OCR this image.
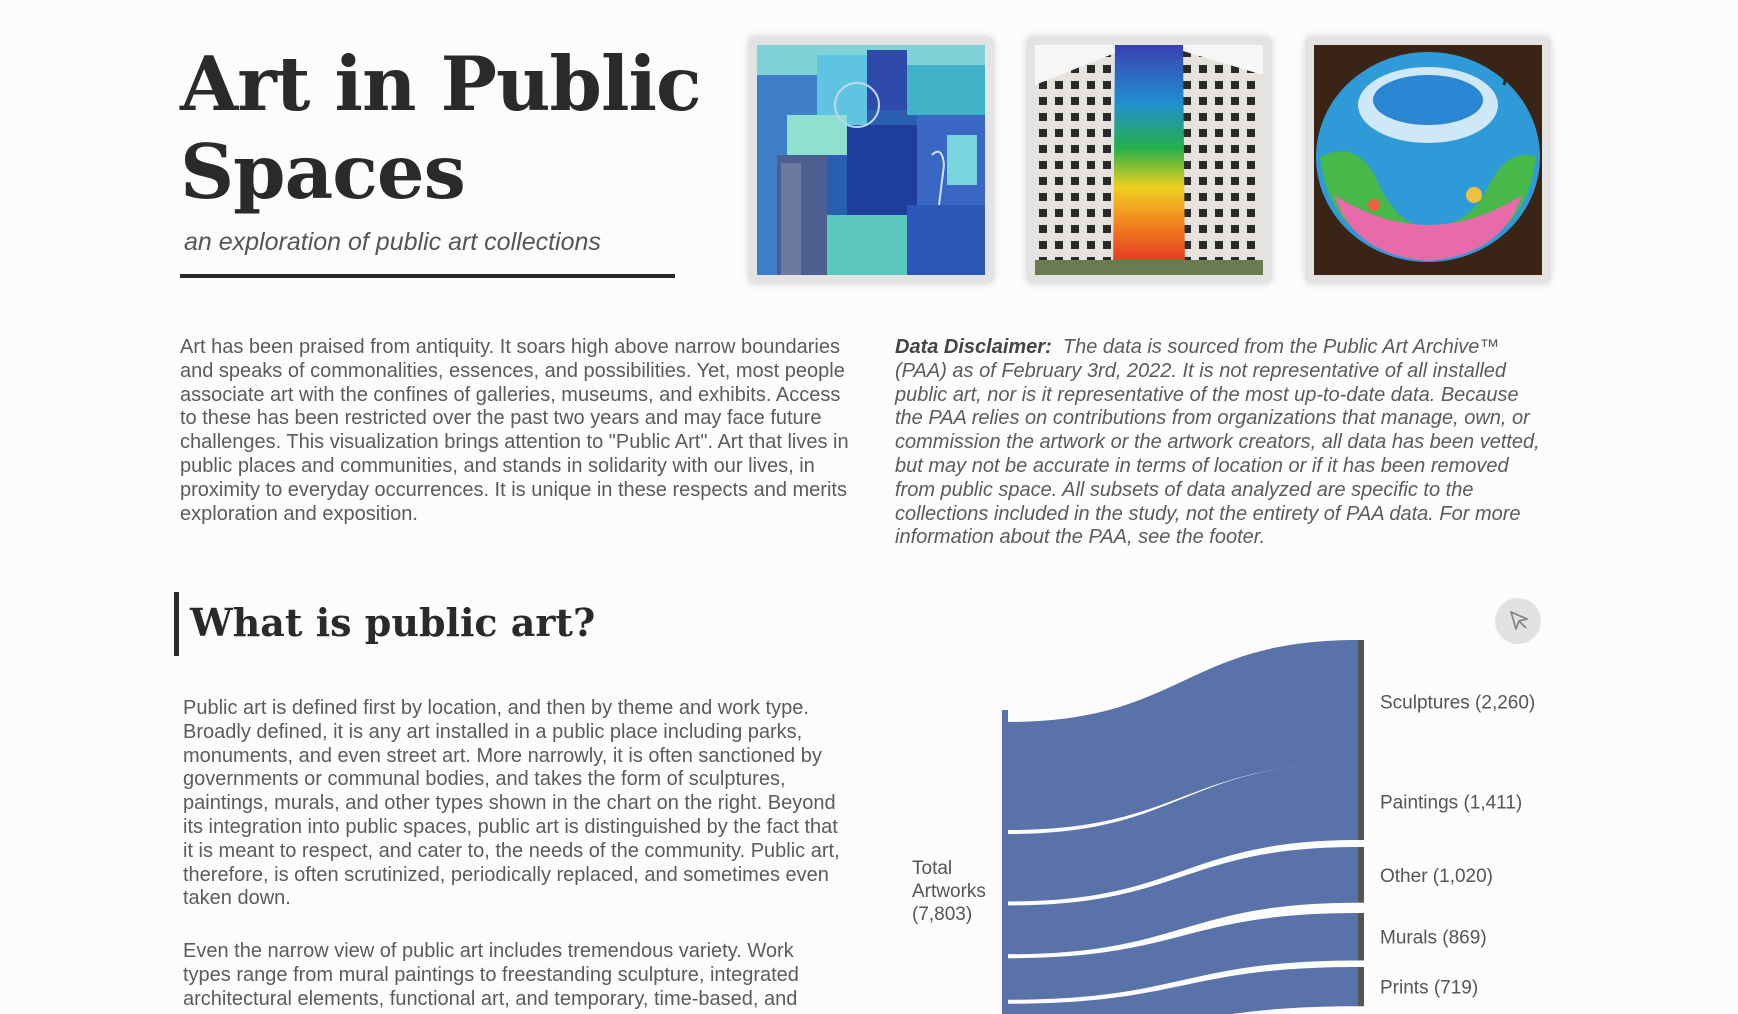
Art in Public Spaces
an exploration of public art collections

Art has been praised from antiquity. It soars high above narrow boundaries and speaks of commonalities, essences, and possibilities. Yet, most people associate art with the confines of galleries, museums, and exhibits. Access to these has been restricted over the past two years and may face future challenges. This visualization brings attention to "Public Art". Art that lives in public places and communities, and stands in solidarity with our lives, in proximity to everyday occurrences. It is unique in these respects and merits exploration and exposition.

Data Disclaimer: The data is sourced from the Public Art Archive™ (PAA) as of February 3rd, 2022. It is not representative of all installed public art, nor is it representative of the most up-to-date data. Because the PAA relies on contributions from organizations that manage, own, or commission the artwork or the artwork creators, all data has been vetted, but may not be accurate in terms of location or if it has been removed from public space. All subsets of data analyzed are specific to the collections included in the study, not the entirety of PAA data. For more information about the PAA, see the footer.

What is public art?

Public art is defined first by location, and then by theme and work type. Broadly defined, it is any art installed in a public place including parks, monuments, and even street art. More narrowly, it is often sanctioned by governments or communal bodies, and takes the form of sculptures, paintings, murals, and other types shown in the chart on the right. Beyond its integration into public spaces, public art is distinguished by the fact that it is meant to respect, and cater to, the needs of the community. Public art, therefore, is often scrutinized, periodically replaced, and sometimes even taken down.

Even the narrow view of public art includes tremendous variety. Work types range from mural paintings to freestanding sculpture, integrated architectural elements, functional art, and temporary, time-based, and

Sculptures (2,260)
Paintings (1,411)
Other (1,020)
Murals (869)
Prints (719)
Total Artworks (7,803)
